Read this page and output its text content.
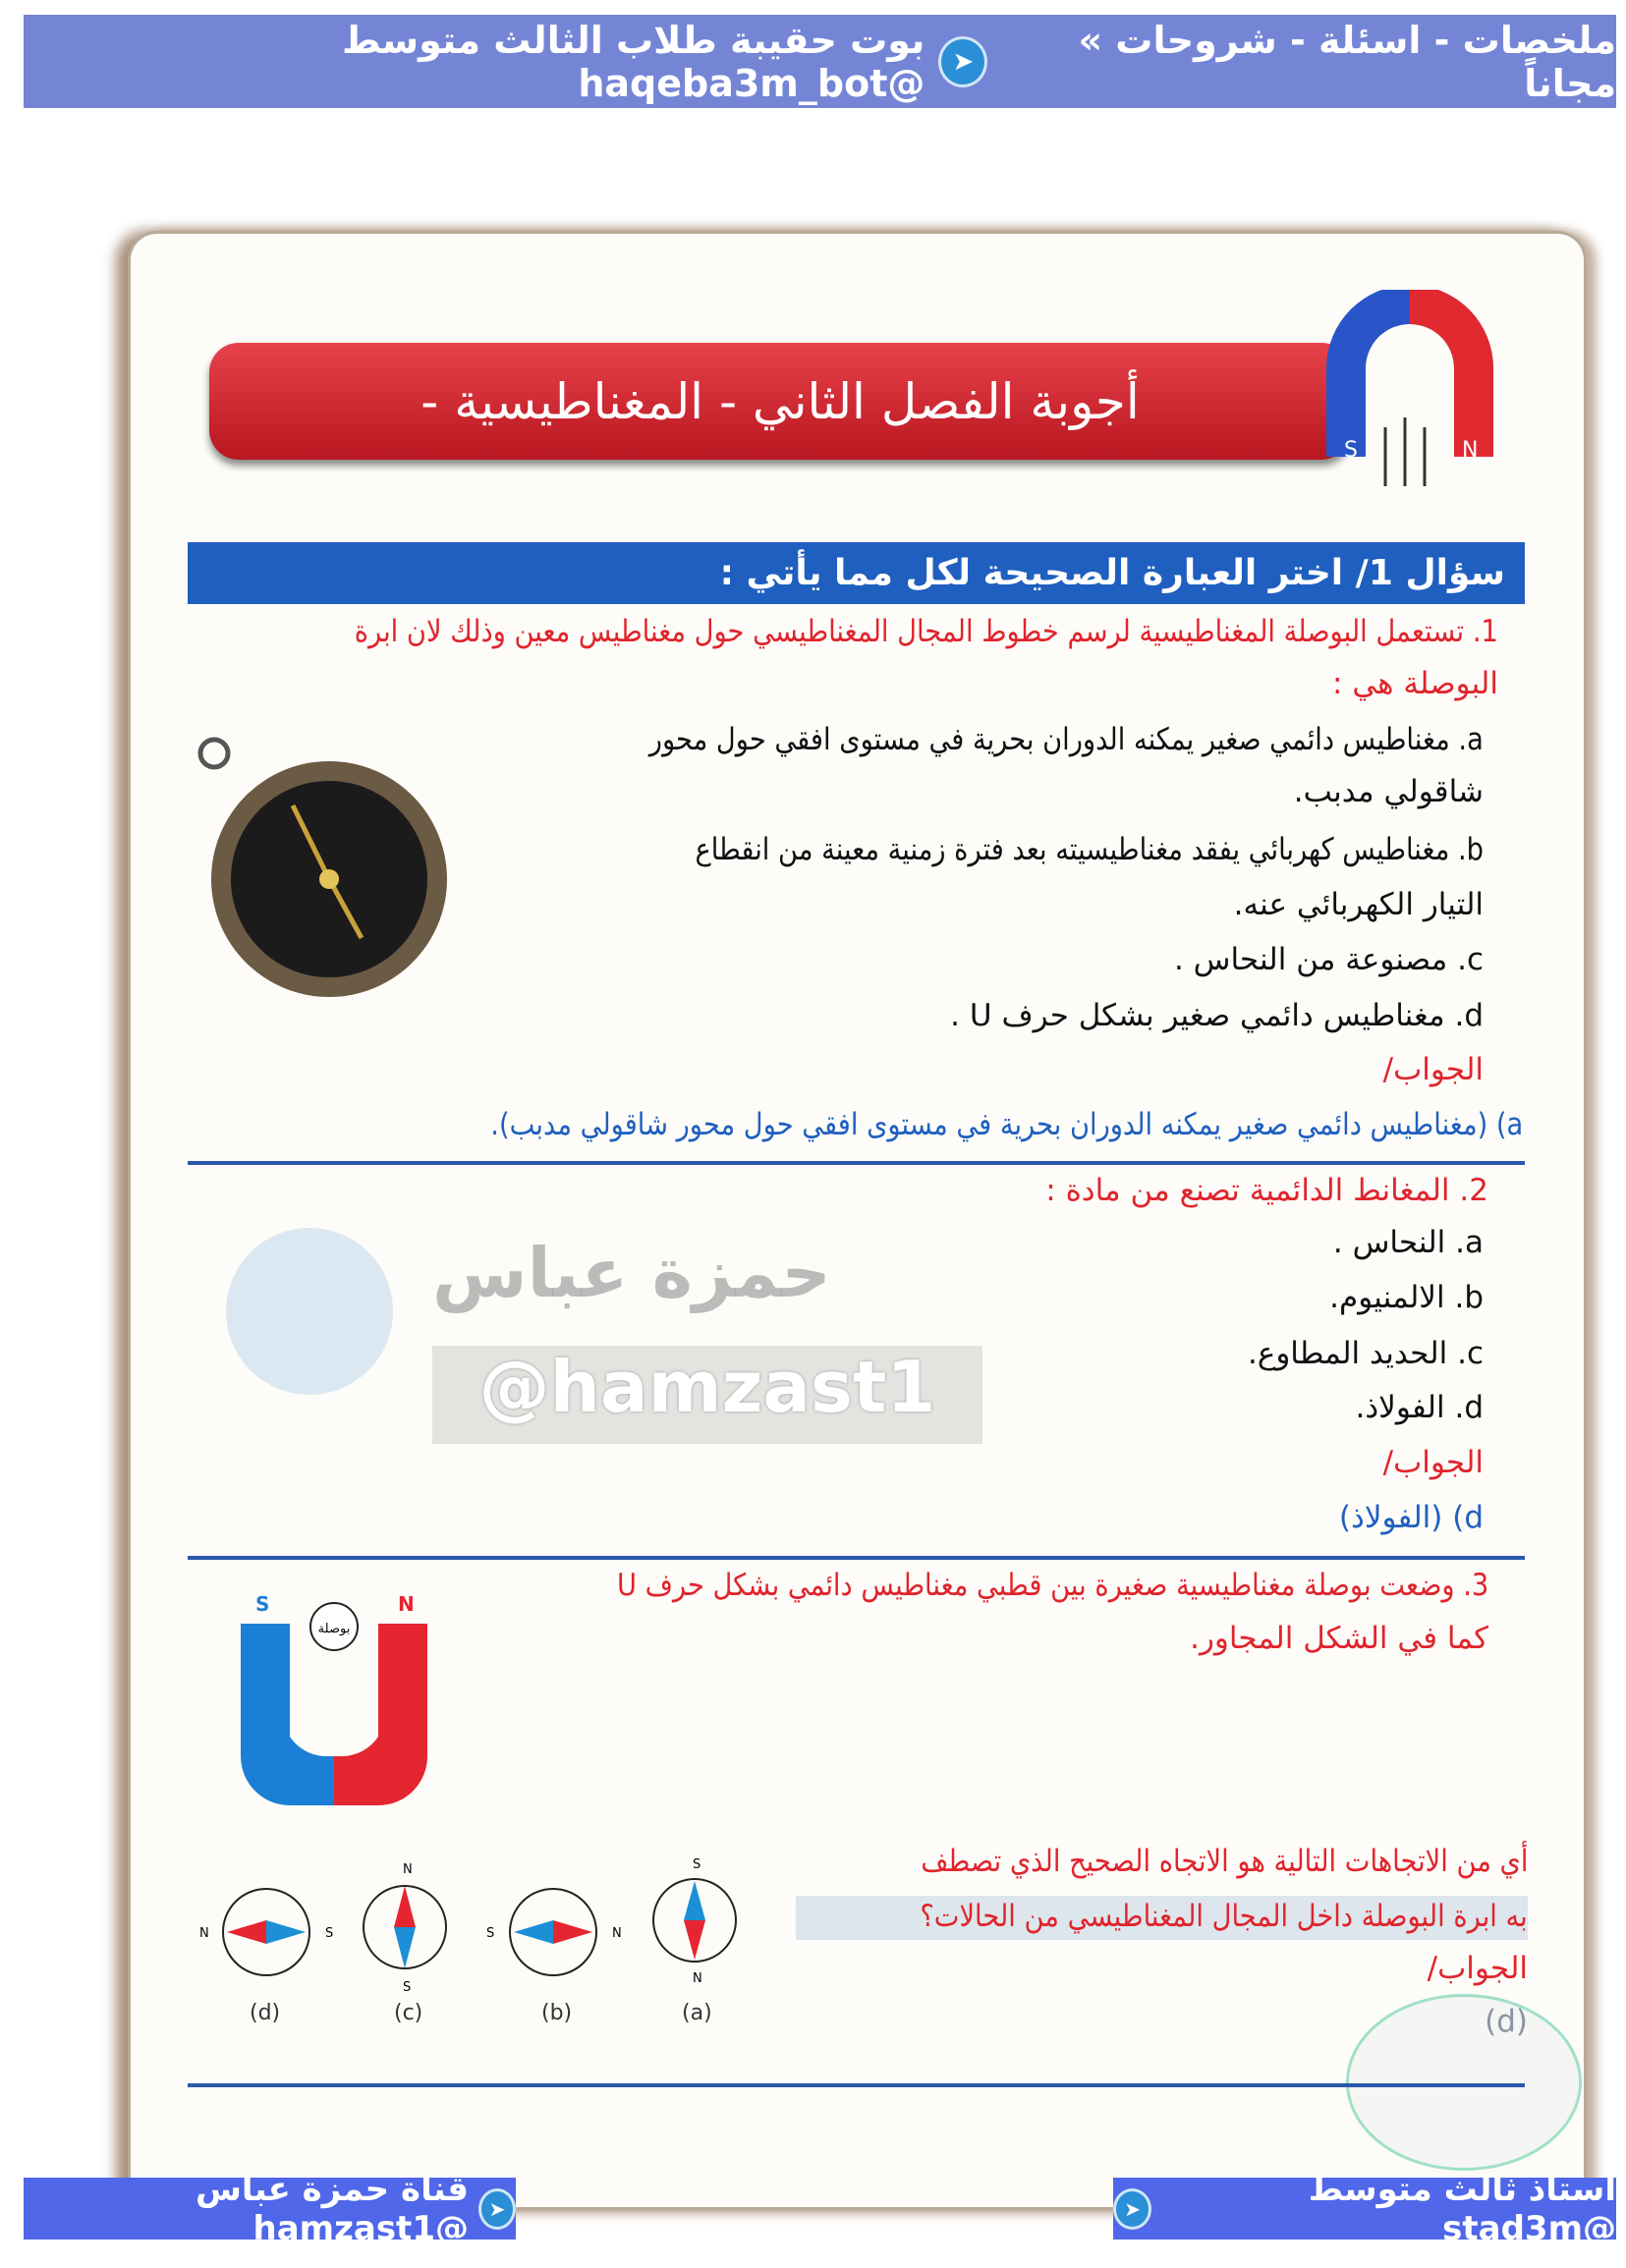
ملخصات - اسئلة - شروحات » مجاناً
➤
بوت حقيبة طلاب الثالث متوسط @haqeba3m_bot
أجوبة الفصل الثاني - المغناطيسية -
S	N
سؤال 1/ اختر العبارة الصحيحة لكل مما يأتي :
حمزة عباس
@hamzast1
1. تستعمل البوصلة المغناطيسية لرسم خطوط المجال المغناطيسي حول مغناطيس معين وذلك لان ابرة
البوصلة هي :
a. مغناطيس دائمي صغير يمكنه الدوران بحرية في مستوى افقي حول محور
شاقولي مدبب.
b. مغناطيس كهربائي يفقد مغناطيسيته بعد فترة زمنية معينة من انقطاع
التيار الكهربائي عنه.
c. مصنوعة من النحاس .
d. مغناطيس دائمي صغير بشكل حرف U .
الجواب/
a) (مغناطيس دائمي صغير يمكنه الدوران بحرية في مستوى افقي حول محور شاقولي مدبب).
2. المغانط الدائمية تصنع من مادة :
a. النحاس .
b. الالمنيوم.
c. الحديد المطاوع.
d. الفولاذ.
الجواب/
d) (الفولاذ)
3. وضعت بوصلة مغناطيسية صغيرة بين قطبي مغناطيس دائمي بشكل حرف U
كما في الشكل المجاور.
S	N
بوصلة
أي من الاتجاهات التالية هو الاتجاه الصحيح الذي تصطف
به ابرة البوصلة داخل المجال المغناطيسي من الحالات؟
الجواب/
(d)
S
N
S	N
N
S
N	S
(a)
(b)
(c)
(d)
➤
قناة حمزة عباس @hamzast1
استاذ ثالث متوسط @stad3m
➤
